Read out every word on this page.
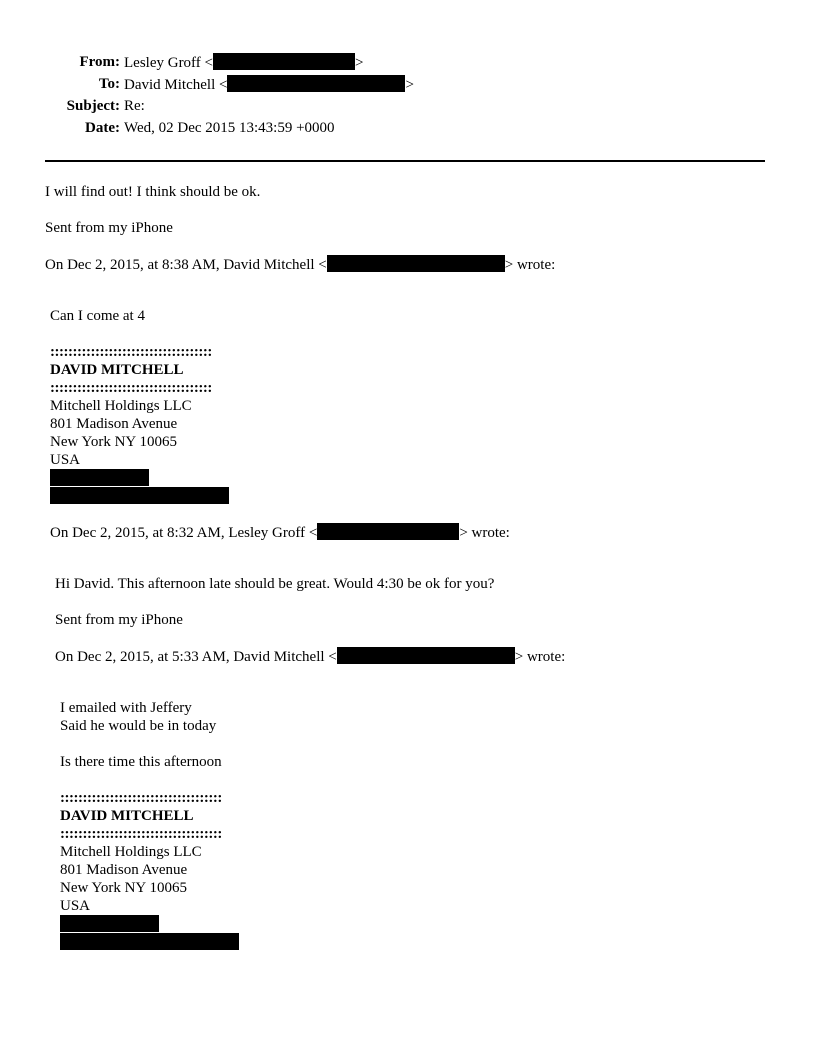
From: Lesley Groff <	>
To: David Mitchell <	>
Subject: Re:
Date: Wed, 02 Dec 2015 13:43:59 +0000
I will find out! I think should be ok.
Sent from my iPhone
On Dec 2, 2015, at 8:38 AM, David Mitchell <	> wrote:
Can I come at 4
::::::::::::::::::::::::::::::::::::
DAVID MITCHELL
::::::::::::::::::::::::::::::::::::
Mitchell Holdings LLC
801 Madison Avenue
New York NY 10065
USA
On Dec 2, 2015, at 8:32 AM, Lesley Groff <	> wrote:
Hi David. This afternoon late should be great. Would 4:30 be ok for you?
Sent from my iPhone
On Dec 2, 2015, at 5:33 AM, David Mitchell <	> wrote:
I emailed with Jeffery
Said he would be in today
Is there time this afternoon
::::::::::::::::::::::::::::::::::::
DAVID MITCHELL
::::::::::::::::::::::::::::::::::::
Mitchell Holdings LLC
801 Madison Avenue
New York NY 10065
USA
